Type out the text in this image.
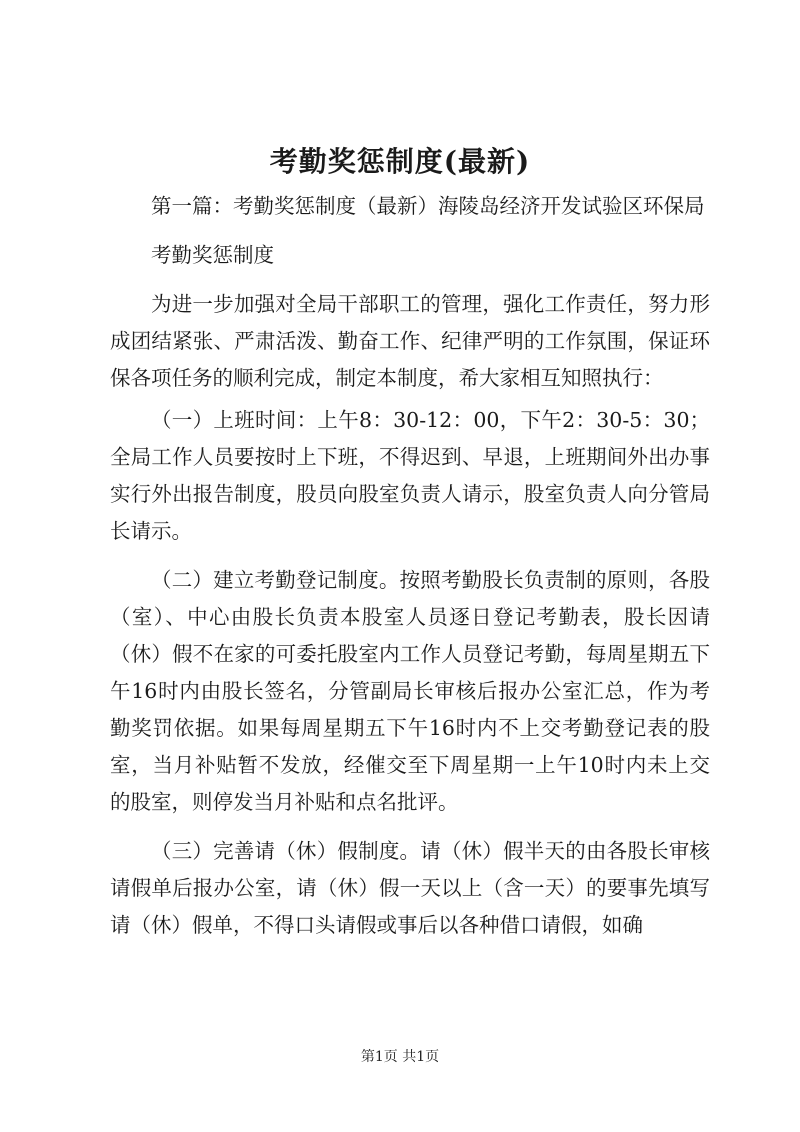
考勤奖惩制度(最新)

第一篇：考勤奖惩制度（最新）海陵岛经济开发试验区环保局

考勤奖惩制度

为进一步加强对全局干部职工的管理，强化工作责任，努力形成团结紧张、严肃活泼、勤奋工作、纪律严明的工作氛围，保证环保各项任务的顺利完成，制定本制度，希大家相互知照执行：

（一）上班时间：上午8：30-12：00，下午2：30-5：30；全局工作人员要按时上下班，不得迟到、早退，上班期间外出办事实行外出报告制度，股员向股室负责人请示，股室负责人向分管局长请示。

（二）建立考勤登记制度。按照考勤股长负责制的原则，各股（室）、中心由股长负责本股室人员逐日登记考勤表，股长因请（休）假不在家的可委托股室内工作人员登记考勤，每周星期五下午16时内由股长签名，分管副局长审核后报办公室汇总，作为考勤奖罚依据。如果每周星期五下午16时内不上交考勤登记表的股室，当月补贴暂不发放，经催交至下周星期一上午10时内未上交的股室，则停发当月补贴和点名批评。

（三）完善请（休）假制度。请（休）假半天的由各股长审核请假单后报办公室，请（休）假一天以上（含一天）的要事先填写请（休）假单，不得口头请假或事后以各种借口请假，如确

第1页 共1页
